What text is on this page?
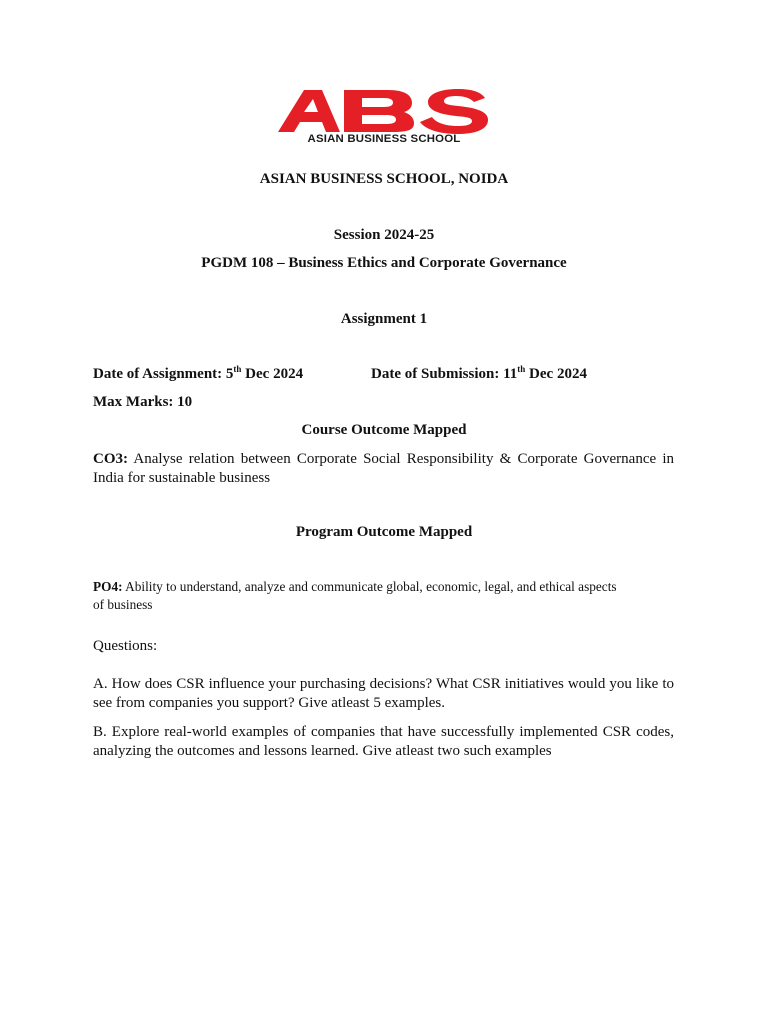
ASIAN BUSINESS SCHOOL
ASIAN BUSINESS SCHOOL, NOIDA
Session 2024-25
PGDM 108 – Business Ethics and Corporate Governance
Assignment 1
Date of Assignment: 5th Dec 2024	Date of Submission: 11th Dec 2024
Max Marks: 10
Course Outcome Mapped
CO3: Analyse relation between Corporate Social Responsibility & Corporate Governance in India for sustainable business
Program Outcome Mapped
PO4: Ability to understand, analyze and communicate global, economic, legal, and ethical aspects of business
Questions:
A. How does CSR influence your purchasing decisions? What CSR initiatives would you like to see from companies you support? Give atleast 5 examples.
B. Explore real-world examples of companies that have successfully implemented CSR codes, analyzing the outcomes and lessons learned. Give atleast two such examples
